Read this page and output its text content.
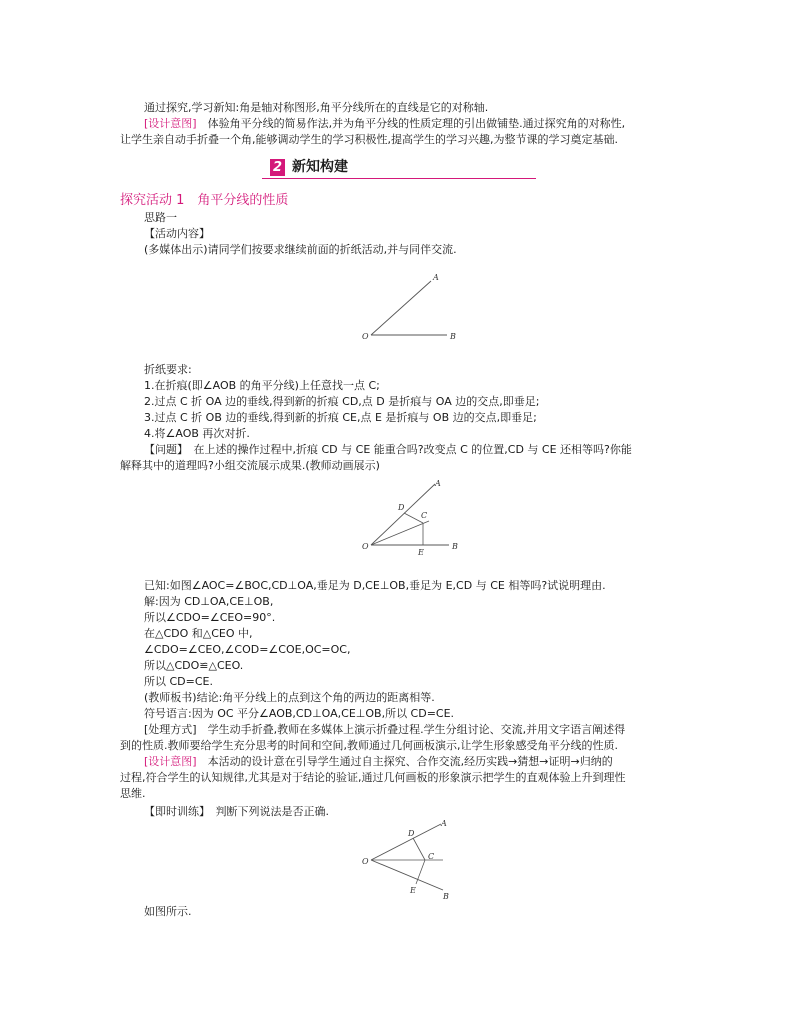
通过探究,学习新知:角是轴对称图形,角平分线所在的直线是它的对称轴.
[设计意图]　体验角平分线的简易作法,并为角平分线的性质定理的引出做铺垫.通过探究角的对称性,
让学生亲自动手折叠一个角,能够调动学生的学习积极性,提高学生的学习兴趣,为整节课的学习奠定基础.
2 新知构建
探究活动 1　角平分线的性质
思路一
【活动内容】
(多媒体出示)请同学们按要求继续前面的折纸活动,并与同伴交流.
A
O	B
折纸要求:
1.在折痕(即∠AOB 的角平分线)上任意找一点 C;
2.过点 C 折 OA 边的垂线,得到新的折痕 CD,点 D 是折痕与 OA 边的交点,即垂足;
3.过点 C 折 OB 边的垂线,得到新的折痕 CE,点 E 是折痕与 OB 边的交点,即垂足;
4.将∠AOB 再次对折.
【问题】　在上述的操作过程中,折痕 CD 与 CE 能重合吗?改变点 C 的位置,CD 与 CE 还相等吗?你能
解释其中的道理吗?小组交流展示成果.(教师动画展示)
A
D
C
O
E
B
已知:如图∠AOC=∠BOC,CD⊥OA,垂足为 D,CE⊥OB,垂足为 E,CD 与 CE 相等吗?试说明理由.
解:因为 CD⊥OA,CE⊥OB,
所以∠CDO=∠CEO=90°.
在△CDO 和△CEO 中,
∠CDO=∠CEO,∠COD=∠COE,OC=OC,
所以△CDO≌△CEO.
所以 CD=CE.
(教师板书)结论:角平分线上的点到这个角的两边的距离相等.
符号语言:因为 OC 平分∠AOB,CD⊥OA,CE⊥OB,所以 CD=CE.
[处理方式]　学生动手折叠,教师在多媒体上演示折叠过程.学生分组讨论、交流,并用文字语言阐述得
到的性质.教师要给学生充分思考的时间和空间,教师通过几何画板演示,让学生形象感受角平分线的性质.
[设计意图]　本活动的设计意在引导学生通过自主探究、合作交流,经历实践→猜想→证明→归纳的
过程,符合学生的认知规律,尤其是对于结论的验证,通过几何画板的形象演示把学生的直观体验上升到理性
思维.
【即时训练】　判断下列说法是否正确.
A
D
C
O
E
B
如图所示.
